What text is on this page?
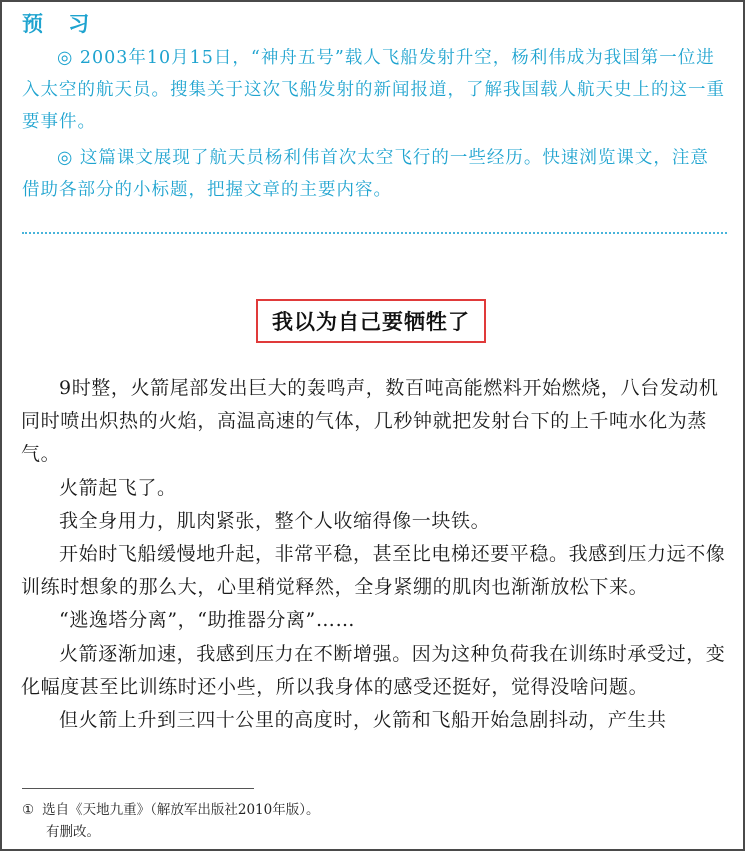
预 习

◎ 2003年10月15日，“神舟五号”载人飞船发射升空，杨利伟成为我国第一位进入太空的航天员。搜集关于这次飞船发射的新闻报道，了解我国载人航天史上的这一重要事件。

◎ 这篇课文展现了航天员杨利伟首次太空飞行的一些经历。快速浏览课文，注意借助各部分的小标题，把握文章的主要内容。

我以为自己要牺牲了

9时整，火箭尾部发出巨大的轰鸣声，数百吨高能燃料开始燃烧，八台发动机同时喷出炽热的火焰，高温高速的气体，几秒钟就把发射台下的上千吨水化为蒸气。

火箭起飞了。

我全身用力，肌肉紧张，整个人收缩得像一块铁。

开始时飞船缓慢地升起，非常平稳，甚至比电梯还要平稳。我感到压力远不像训练时想象的那么大，心里稍觉释然，全身紧绷的肌肉也渐渐放松下来。

“逃逸塔分离”，“助推器分离”……

火箭逐渐加速，我感到压力在不断增强。因为这种负荷我在训练时承受过，变化幅度甚至比训练时还小些，所以我身体的感受还挺好，觉得没啥问题。

但火箭上升到三四十公里的高度时，火箭和飞船开始急剧抖动，产生共

① 选自《天地九重》（解放军出版社2010年版）。
有删改。
